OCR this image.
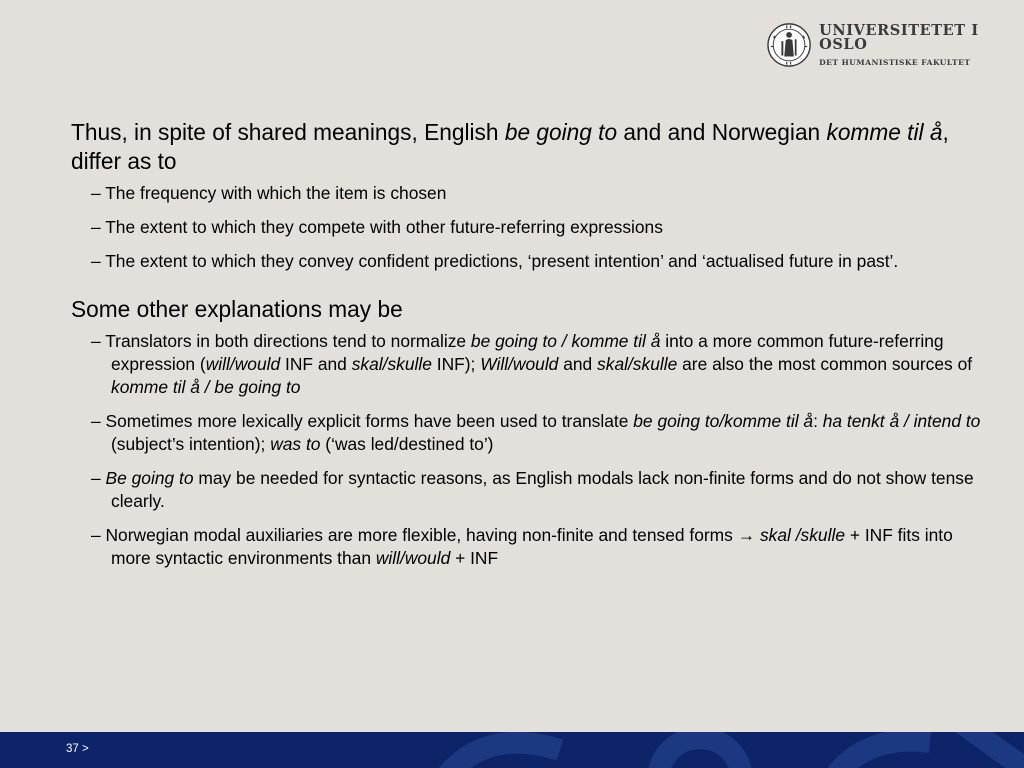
UNIVERSITETET I OSLO
DET HUMANISTISKE FAKULTET

Thus, in spite of shared meanings, English be going to and and Norwegian komme til å, differ as to

– The frequency with which the item is chosen
– The extent to which they compete with other future-referring expressions
– The extent to which they convey confident predictions, ‘present intention’ and ‘actualised future in past’.

Some other explanations may be

– Translators in both directions tend to normalize be going to / komme til å into a more common future-referring expression (will/would INF and skal/skulle INF); Will/would and skal/skulle are also the most common sources of komme til å / be going to
– Sometimes more lexically explicit forms have been used to translate be going to/komme til å: ha tenkt å / intend to (subject’s intention); was to (‘was led/destined to’)
– Be going to may be needed for syntactic reasons, as English modals lack non-finite forms and do not show tense clearly.
– Norwegian modal auxiliaries are more flexible, having non-finite and tensed forms → skal /skulle + INF fits into more syntactic environments than will/would + INF
37 >
